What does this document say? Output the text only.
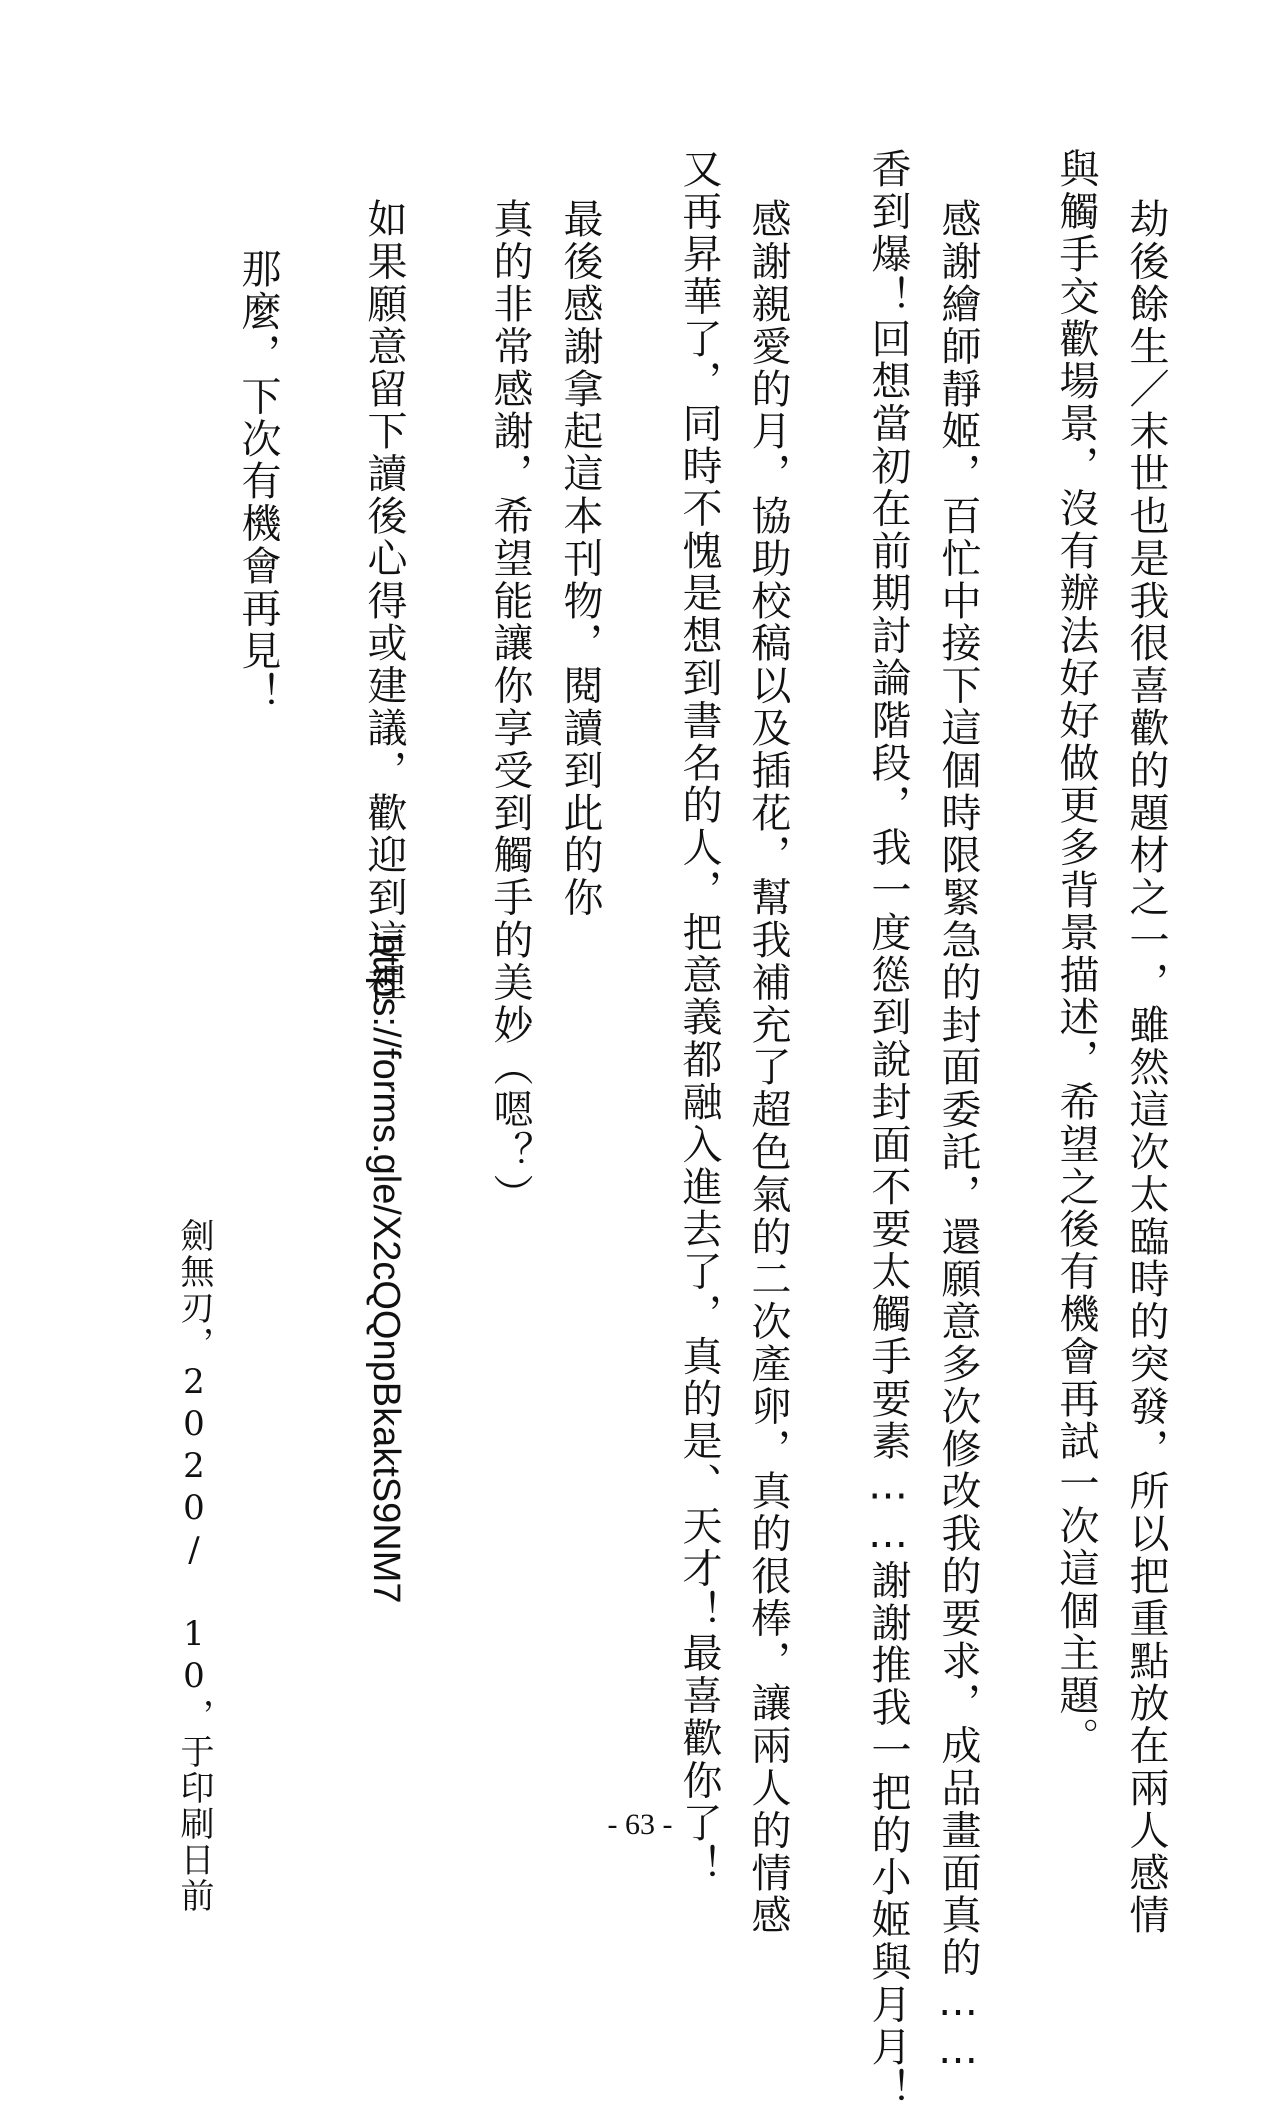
劫後餘生／末世也是我很喜歡的題材之一，雖然這次太臨時的突發，所以把重點放在兩人感情
與觸手交歡場景，沒有辦法好好做更多背景描述，希望之後有機會再試一次這個主題。
感謝繪師靜姬，百忙中接下這個時限緊急的封面委託，還願意多次修改我的要求，成品畫面真的……
香到爆！回想當初在前期討論階段，我一度慫到說封面不要太觸手要素……謝謝推我一把的小姬與月月！
感謝親愛的月，協助校稿以及插花，幫我補充了超色氣的二次產卵，真的很棒，讓兩人的情感
又再昇華了，同時不愧是想到書名的人，把意義都融入進去了，真的是、天才！最喜歡你了！
最後感謝拿起這本刊物，閱讀到此的你
真的非常感謝，希望能讓你享受到觸手的美妙（嗯？）
如果願意留下讀後心得或建議，歡迎到這裡
https://forms.gle/X2cQQnpBkaktS9NM7
那麼，下次有機會再見！
劍無刃，2020/ 10，于印刷日前	- 63 -
